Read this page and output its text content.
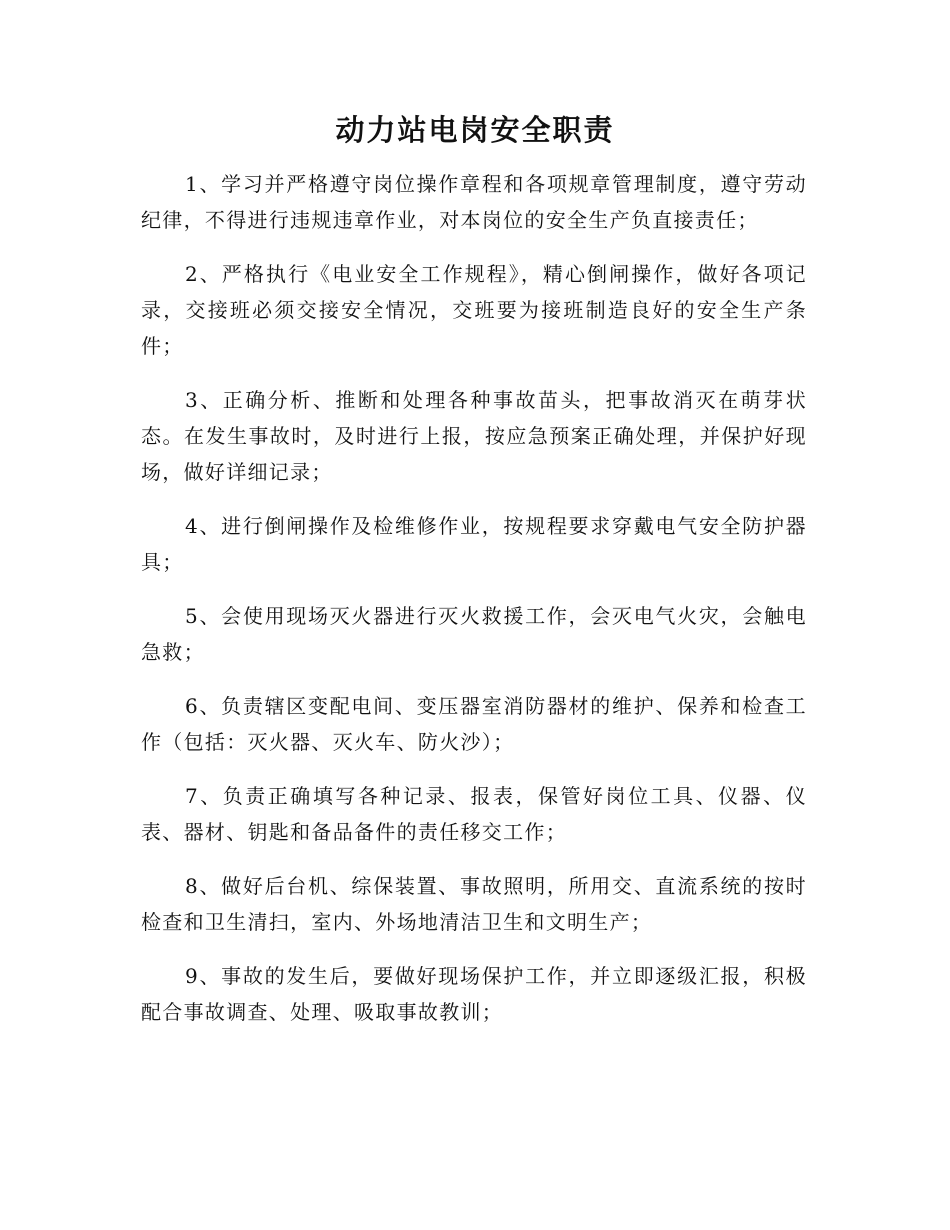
动力站电岗安全职责

1、学习并严格遵守岗位操作章程和各项规章管理制度，遵守劳动纪律，不得进行违规违章作业，对本岗位的安全生产负直接责任；

2、严格执行《电业安全工作规程》，精心倒闸操作，做好各项记录，交接班必须交接安全情况，交班要为接班制造良好的安全生产条件；

3、正确分析、推断和处理各种事故苗头，把事故消灭在萌芽状态。在发生事故时，及时进行上报，按应急预案正确处理，并保护好现场，做好详细记录；

4、进行倒闸操作及检维修作业，按规程要求穿戴电气安全防护器具；

5、会使用现场灭火器进行灭火救援工作，会灭电气火灾，会触电急救；

6、负责辖区变配电间、变压器室消防器材的维护、保养和检查工作（包括：灭火器、灭火车、防火沙）；

7、负责正确填写各种记录、报表，保管好岗位工具、仪器、仪表、器材、钥匙和备品备件的责任移交工作；

8、做好后台机、综保装置、事故照明，所用交、直流系统的按时检查和卫生清扫，室内、外场地清洁卫生和文明生产；

9、事故的发生后，要做好现场保护工作，并立即逐级汇报，积极配合事故调查、处理、吸取事故教训；
